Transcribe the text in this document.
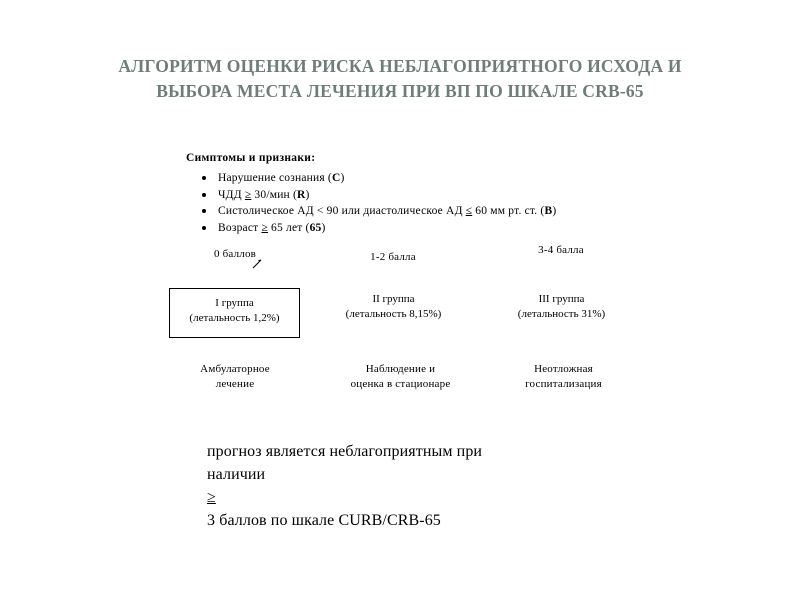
АЛГОРИТМ ОЦЕНКИ РИСКА НЕБЛАГОПРИЯТНОГО ИСХОДА И
ВЫБОРА МЕСТА ЛЕЧЕНИЯ ПРИ ВП ПО ШКАЛЕ CRB-65
Симптомы и признаки:
Нарушение сознания (C)
ЧДД ≥ 30/мин (R)
Систолическое АД < 90 или диастолическое АД ≤ 60 мм рт. ст. (B)
Возраст ≥ 65 лет (65)
0 баллов	1-2 балла
3-4 балла
I группа
(летальность 1,2%)
II группа
(летальность 8,15%)
III группа
(летальность 31%)
Амбулаторное
лечение
Наблюдение и
оценка в стационаре
Неотложная
госпитализация
прогноз является неблагоприятным при
наличии
≥
3 баллов по шкале CURB/CRB-65
